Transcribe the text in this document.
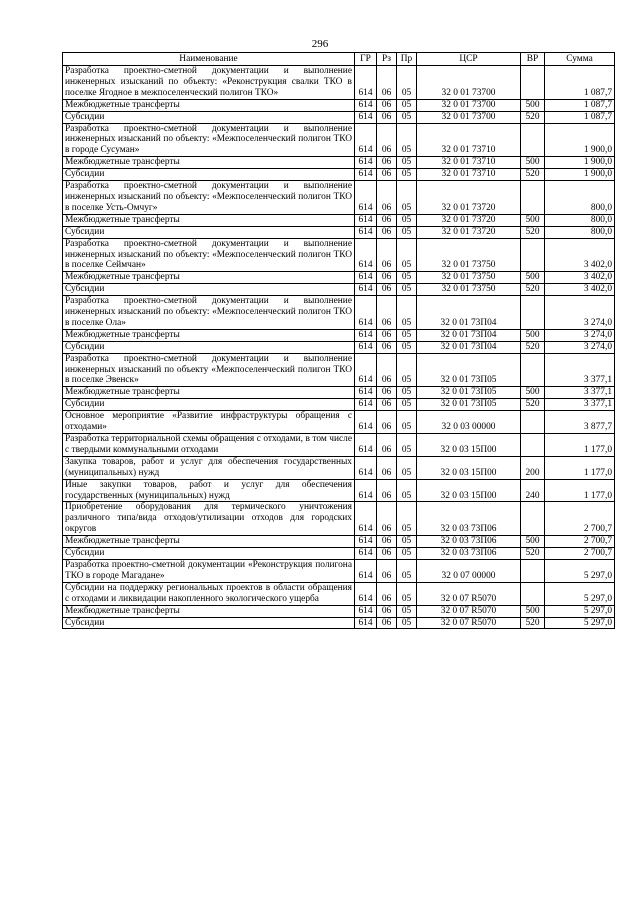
296
Наименование	ГР	Рз	Пр	ЦСР	ВР	Сумма
Разработка проектно-сметной документации и выполнение инженерных изысканий по объекту: «Реконструкция свалки ТКО в поселке Ягодное в межпоселенческий полигон ТКО»	614	06	05	32 0 01 73700		1 087,7
Межбюджетные трансферты	614	06	05	32 0 01 73700	500	1 087,7
Субсидии	614	06	05	32 0 01 73700	520	1 087,7
Разработка проектно-сметной документации и выполнение инженерных изысканий по объекту: «Межпоселенческий полигон ТКО в городе Сусуман»	614	06	05	32 0 01 73710		1 900,0
Межбюджетные трансферты	614	06	05	32 0 01 73710	500	1 900,0
Субсидии	614	06	05	32 0 01 73710	520	1 900,0
Разработка проектно-сметной документации и выполнение инженерных изысканий по объекту: «Межпоселенческий полигон ТКО в поселке Усть-Омчуг»	614	06	05	32 0 01 73720		800,0
Межбюджетные трансферты	614	06	05	32 0 01 73720	500	800,0
Субсидии	614	06	05	32 0 01 73720	520	800,0
Разработка проектно-сметной документации и выполнение инженерных изысканий по объекту: «Межпоселенческий полигон ТКО в поселке Сеймчан»	614	06	05	32 0 01 73750		3 402,0
Межбюджетные трансферты	614	06	05	32 0 01 73750	500	3 402,0
Субсидии	614	06	05	32 0 01 73750	520	3 402,0
Разработка проектно-сметной документации и выполнение инженерных изысканий по объекту: «Межпоселенческий полигон ТКО в поселке Ола»	614	06	05	32 0 01 73П04		3 274,0
Межбюджетные трансферты	614	06	05	32 0 01 73П04	500	3 274,0
Субсидии	614	06	05	32 0 01 73П04	520	3 274,0
Разработка проектно-сметной документации и выполнение инженерных изысканий по объекту «Межпоселенческий полигон ТКО в поселке Эвенск»	614	06	05	32 0 01 73П05		3 377,1
Межбюджетные трансферты	614	06	05	32 0 01 73П05	500	3 377,1
Субсидии	614	06	05	32 0 01 73П05	520	3 377,1
Основное мероприятие «Развитие инфраструктуры обращения с отходами»	614	06	05	32 0 03 00000		3 877,7
Разработка территориальной схемы обращения с отходами, в том числе с твердыми коммунальными отходами	614	06	05	32 0 03 15П00		1 177,0
Закупка товаров, работ и услуг для обеспечения государственных (муниципальных) нужд	614	06	05	32 0 03 15П00	200	1 177,0
Иные закупки товаров, работ и услуг для обеспечения государственных (муниципальных) нужд	614	06	05	32 0 03 15П00	240	1 177,0
Приобретение оборудования для термического уничтожения различного типа/вида отходов/утилизации отходов для городских округов	614	06	05	32 0 03 73П06		2 700,7
Межбюджетные трансферты	614	06	05	32 0 03 73П06	500	2 700,7
Субсидии	614	06	05	32 0 03 73П06	520	2 700,7
Разработка проектно-сметной документации «Реконструкция полигона ТКО в городе Магадане»	614	06	05	32 0 07 00000		5 297,0
Субсидии на поддержку региональных проектов в области обращения с отходами и ликвидации накопленного экологического ущерба	614	06	05	32 0 07 R5070		5 297,0
Межбюджетные трансферты	614	06	05	32 0 07 R5070	500	5 297,0
Субсидии	614	06	05	32 0 07 R5070	520	5 297,0
